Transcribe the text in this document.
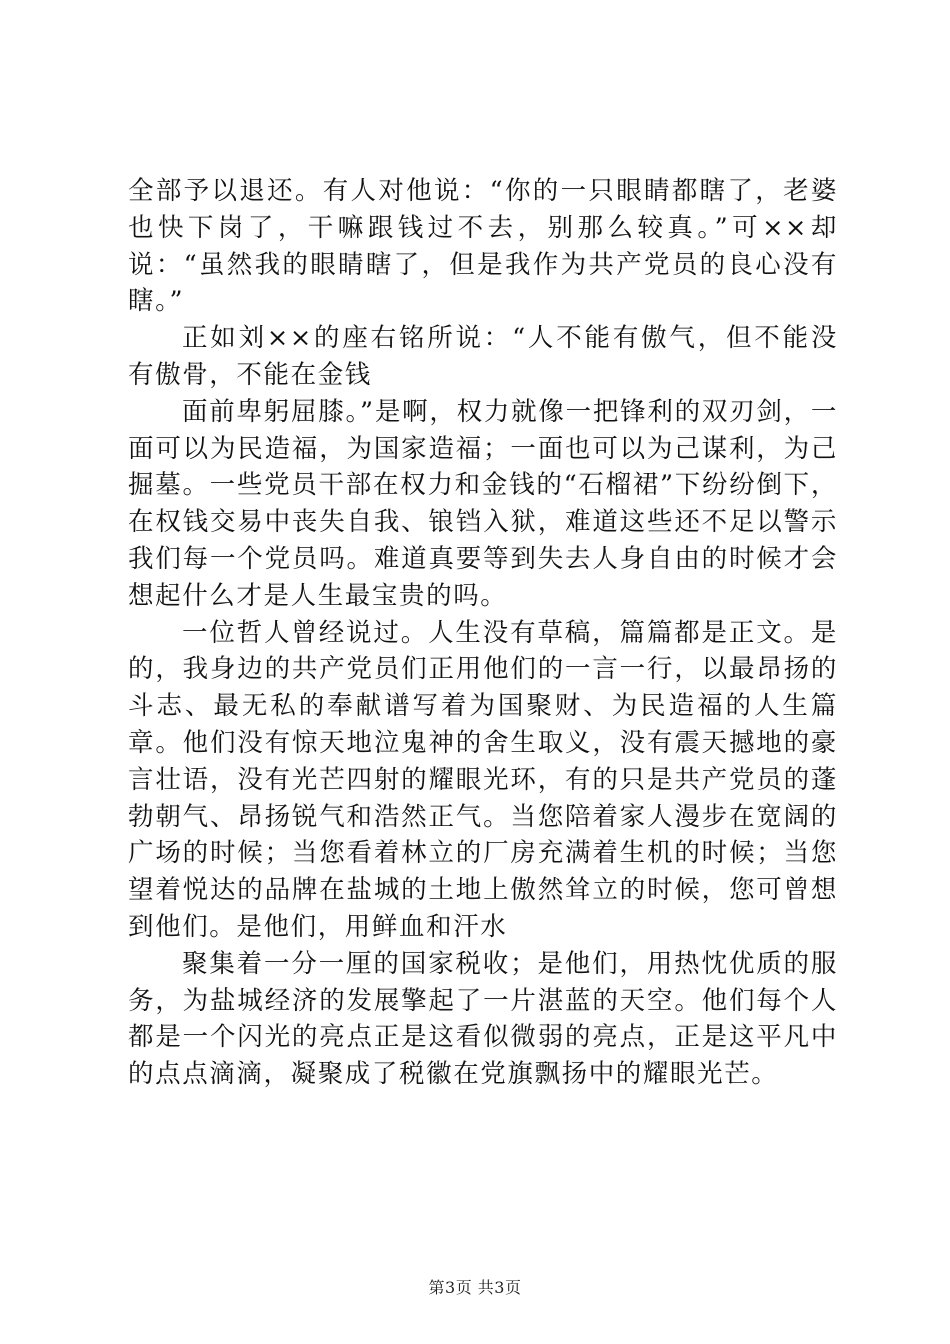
全部予以退还。有人对他说：“你的一只眼睛都瞎了，老婆也快下岗了，干嘛跟钱过不去，别那么较真。”可××却说：“虽然我的眼睛瞎了，但是我作为共产党员的良心没有瞎。”

正如刘××的座右铭所说：“人不能有傲气，但不能没有傲骨，不能在金钱

面前卑躬屈膝。”是啊，权力就像一把锋利的双刃剑，一面可以为民造福，为国家造福；一面也可以为己谋利，为己掘墓。一些党员干部在权力和金钱的“石榴裙”下纷纷倒下，在权钱交易中丧失自我、锒铛入狱，难道这些还不足以警示我们每一个党员吗。难道真要等到失去人身自由的时候才会想起什么才是人生最宝贵的吗。

一位哲人曾经说过。人生没有草稿，篇篇都是正文。是的，我身边的共产党员们正用他们的一言一行，以最昂扬的斗志、最无私的奉献谱写着为国聚财、为民造福的人生篇章。他们没有惊天地泣鬼神的舍生取义，没有震天撼地的豪言壮语，没有光芒四射的耀眼光环，有的只是共产党员的蓬勃朝气、昂扬锐气和浩然正气。当您陪着家人漫步在宽阔的广场的时候；当您看着林立的厂房充满着生机的时候；当您望着悦达的品牌在盐城的土地上傲然耸立的时候，您可曾想到他们。是他们，用鲜血和汗水

聚集着一分一厘的国家税收；是他们，用热忱优质的服务，为盐城经济的发展擎起了一片湛蓝的天空。他们每个人都是一个闪光的亮点正是这看似微弱的亮点，正是这平凡中的点点滴滴，凝聚成了税徽在党旗飘扬中的耀眼光芒。

第3页 共3页
